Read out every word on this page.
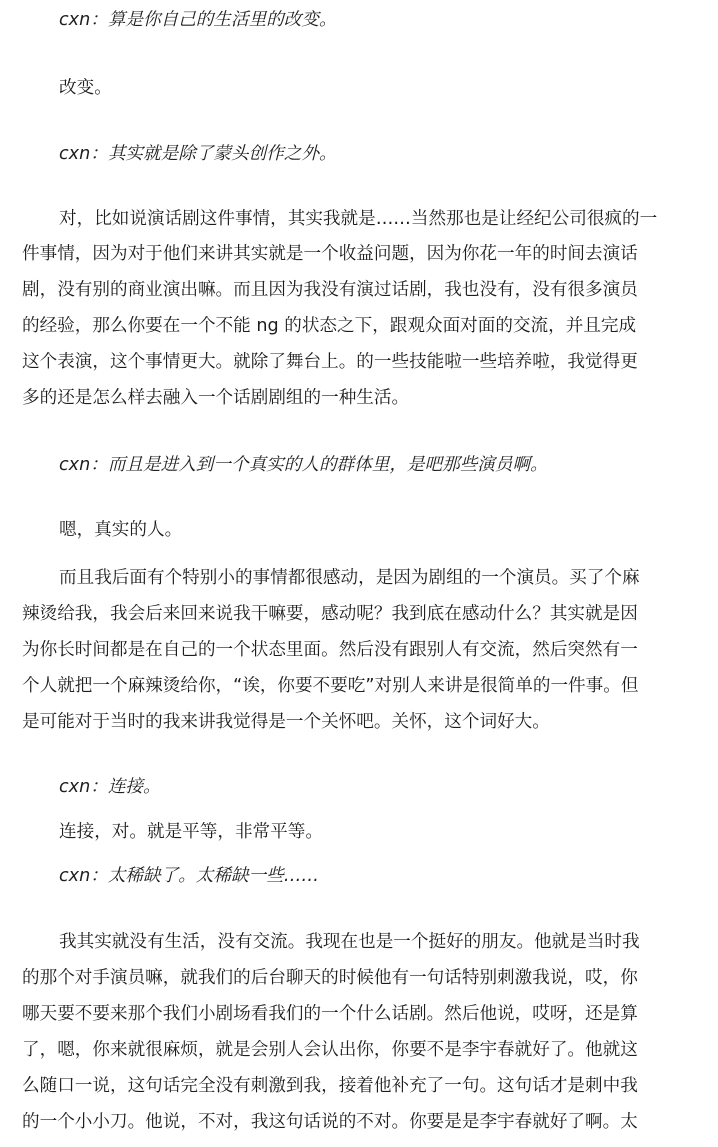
cxn：算是你自己的生活里的改变。

改变。

cxn：其实就是除了蒙头创作之外。

对，比如说演话剧这件事情，其实我就是……当然那也是让经纪公司很疯的一

件事情，因为对于他们来讲其实就是一个收益问题，因为你花一年的时间去演话

剧，没有别的商业演出嘛。而且因为我没有演过话剧，我也没有，没有很多演员

的经验，那么你要在一个不能 ng 的状态之下，跟观众面对面的交流，并且完成

这个表演，这个事情更大。就除了舞台上。的一些技能啦一些培养啦，我觉得更

多的还是怎么样去融入一个话剧剧组的一种生活。

cxn：而且是进入到一个真实的人的群体里，是吧那些演员啊。

嗯，真实的人。

而且我后面有个特别小的事情都很感动，是因为剧组的一个演员。买了个麻

辣烫给我，我会后来回来说我干嘛要，感动呢？我到底在感动什么？其实就是因

为你长时间都是在自己的一个状态里面。然后没有跟别人有交流，然后突然有一

个人就把一个麻辣烫给你，“诶，你要不要吃”对别人来讲是很简单的一件事。但

是可能对于当时的我来讲我觉得是一个关怀吧。关怀，这个词好大。

cxn：连接。

连接，对。就是平等，非常平等。

cxn：太稀缺了。太稀缺一些……

我其实就没有生活，没有交流。我现在也是一个挺好的朋友。他就是当时我

的那个对手演员嘛，就我们的后台聊天的时候他有一句话特别刺激我说，哎，你

哪天要不要来那个我们小剧场看我们的一个什么话剧。然后他说，哎呀，还是算

了，嗯，你来就很麻烦，就是会别人会认出你，你要不是李宇春就好了。他就这

么随口一说，这句话完全没有刺激到我，接着他补充了一句。这句话才是刺中我

的一个小小刀。他说，不对，我这句话说的不对。你要是是李宇春就好了啊。太
